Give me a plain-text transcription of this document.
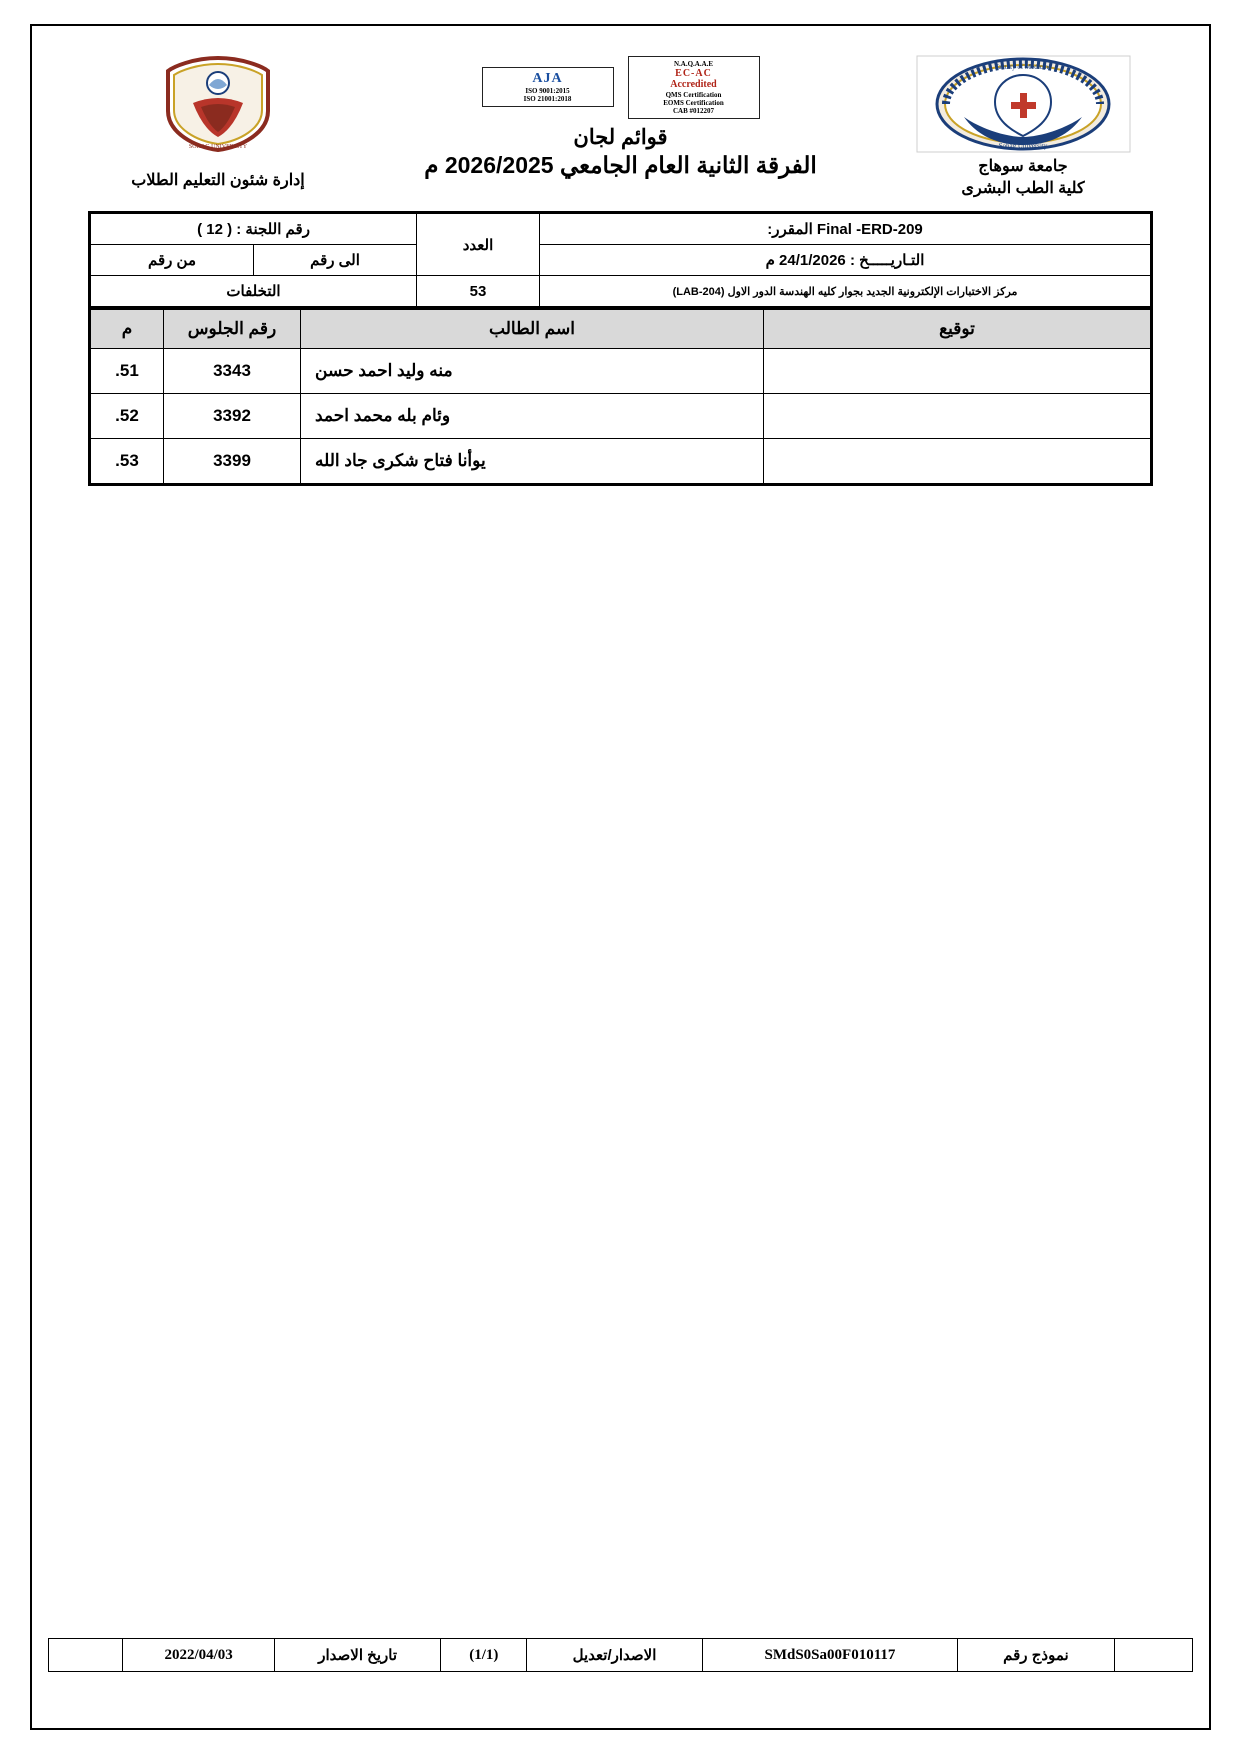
Faculty of Medicine
Sohag University
جامعة سوهاج
كلية الطب البشرى
N.A.Q.A.A.E
EC-AC
Accredited
QMS Certification
EOMS Certification
CAB #012207
AJA
ISO 9001:2015
ISO 21001:2018
قوائم لجان
الفرقة الثانية العام الجامعي 2026/2025 م
SOHAG UNIVERSITY
إدارة شئون التعليم الطلاب
Final -ERD-209 المقرر:	العدد	رقم اللجنة : ( 12 )	
التـاريـــــخ : 24/1/2026 م		الى رقم	من رقم
مركز الاختبارات الإلكترونية الجديد بجوار كليه الهندسة الدور الاول (LAB-204)	53	التخلفات	
توقيع	اسم الطالب	رقم الجلوس	م
	منه وليد احمد حسن	3343	51.
	وئام بله محمد احمد	3392	52.
	يوأنا فتاح شكرى جاد الله	3399	53.
	نموذج رقم	SMdS0Sa00F010117	الاصدار/تعديل	(1/1)	تاريخ الاصدار	2022/04/03	
